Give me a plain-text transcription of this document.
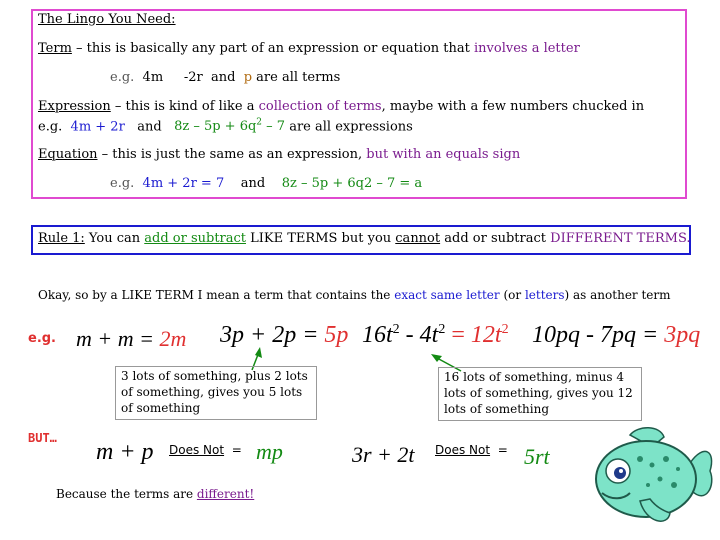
The Lingo You Need:
Term – this is basically any part of an expression or equation that involves a letter
e.g. 4m -2r and p are all terms
Expression – this is kind of like a collection of terms, maybe with a few numbers chucked in
e.g. 4m + 2r and $8z - 5p + 6q^2 - 7$ are all expressions
Equation – this is just the same as an expression, but with an equals sign
e.g. 4m + 2r = 7 and 8z – 5p + 6q2 – 7 = a
Rule 1: You can add or subtract LIKE TERMS but you cannot add or subtract DIFFERENT TERMS.
Okay, so by a LIKE TERM I mean a term that contains the exact same letter (or letters) as another term
e.g. m + m = 2m 3p + 2p = 5p $16t^2 - 4t^2 = 12t^2$ 10pq - 7pq = 3pq
3 lots of something, plus 2 lots of something, gives you 5 lots of something
16 lots of something, minus 4 lots of something, gives you 12 lots of something
BUT…
m + p Does Not = mp	3r + 2t Does Not = 5rt
Because the terms are different!
